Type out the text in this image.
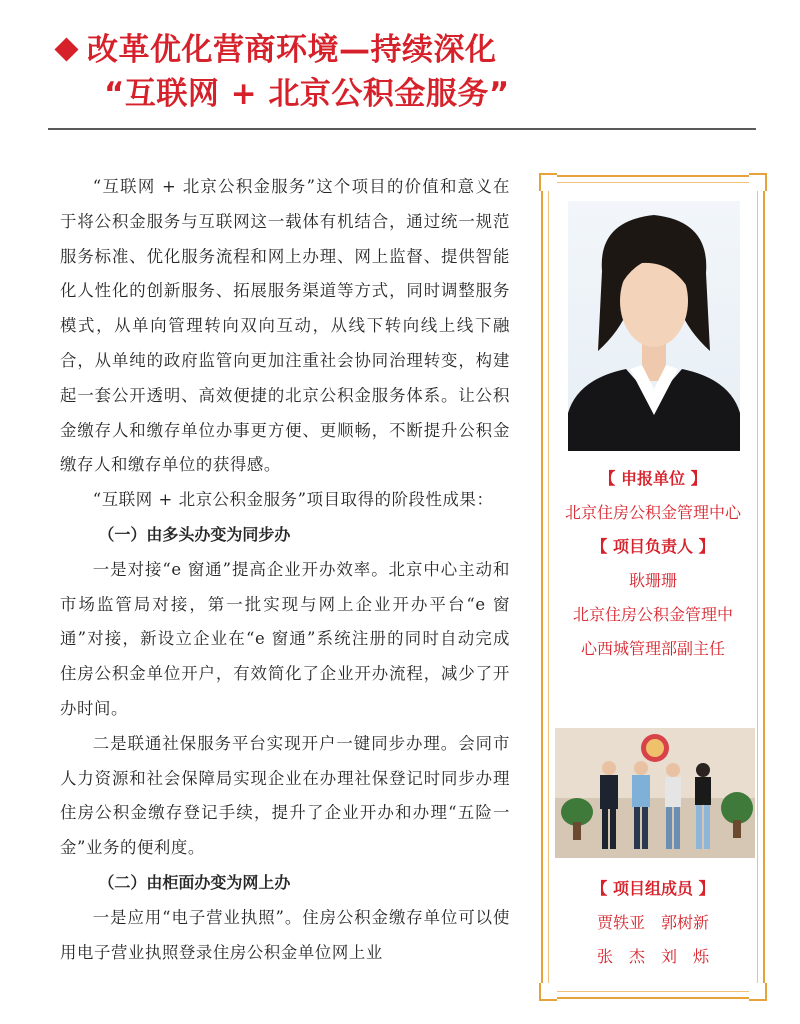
改革优化营商环境—持续深化
“互联网 + 北京公积金服务”

“互联网 + 北京公积金服务”这个项目的价值和意义在于将公积金服务与互联网这一载体有机结合，通过统一规范服务标准、优化服务流程和网上办理、网上监督、提供智能化人性化的创新服务、拓展服务渠道等方式，同时调整服务模式，从单向管理转向双向互动，从线下转向线上线下融合，从单纯的政府监管向更加注重社会协同治理转变，构建起一套公开透明、高效便捷的北京公积金服务体系。让公积金缴存人和缴存单位办事更方便、更顺畅，不断提升公积金缴存人和缴存单位的获得感。

“互联网 + 北京公积金服务”项目取得的阶段性成果：

（一）由多头办变为同步办

一是对接“e 窗通”提高企业开办效率。北京中心主动和市场监管局对接，第一批实现与网上企业开办平台“e 窗通”对接，新设立企业在“e 窗通”系统注册的同时自动完成住房公积金单位开户，有效简化了企业开办流程，减少了开办时间。

二是联通社保服务平台实现开户一键同步办理。会同市人力资源和社会保障局实现企业在办理社保登记时同步办理住房公积金缴存登记手续，提升了企业开办和办理“五险一金”业务的便利度。

（二）由柜面办变为网上办

一是应用“电子营业执照”。住房公积金缴存单位可以使用电子营业执照登录住房公积金单位网上业

【 申报单位 】
北京住房公积金管理中心
【 项目负责人 】
耿珊珊
北京住房公积金管理中
心西城管理部副主任
【 项目组成员 】
贾轶亚　郭树新
张　杰　刘　烁
